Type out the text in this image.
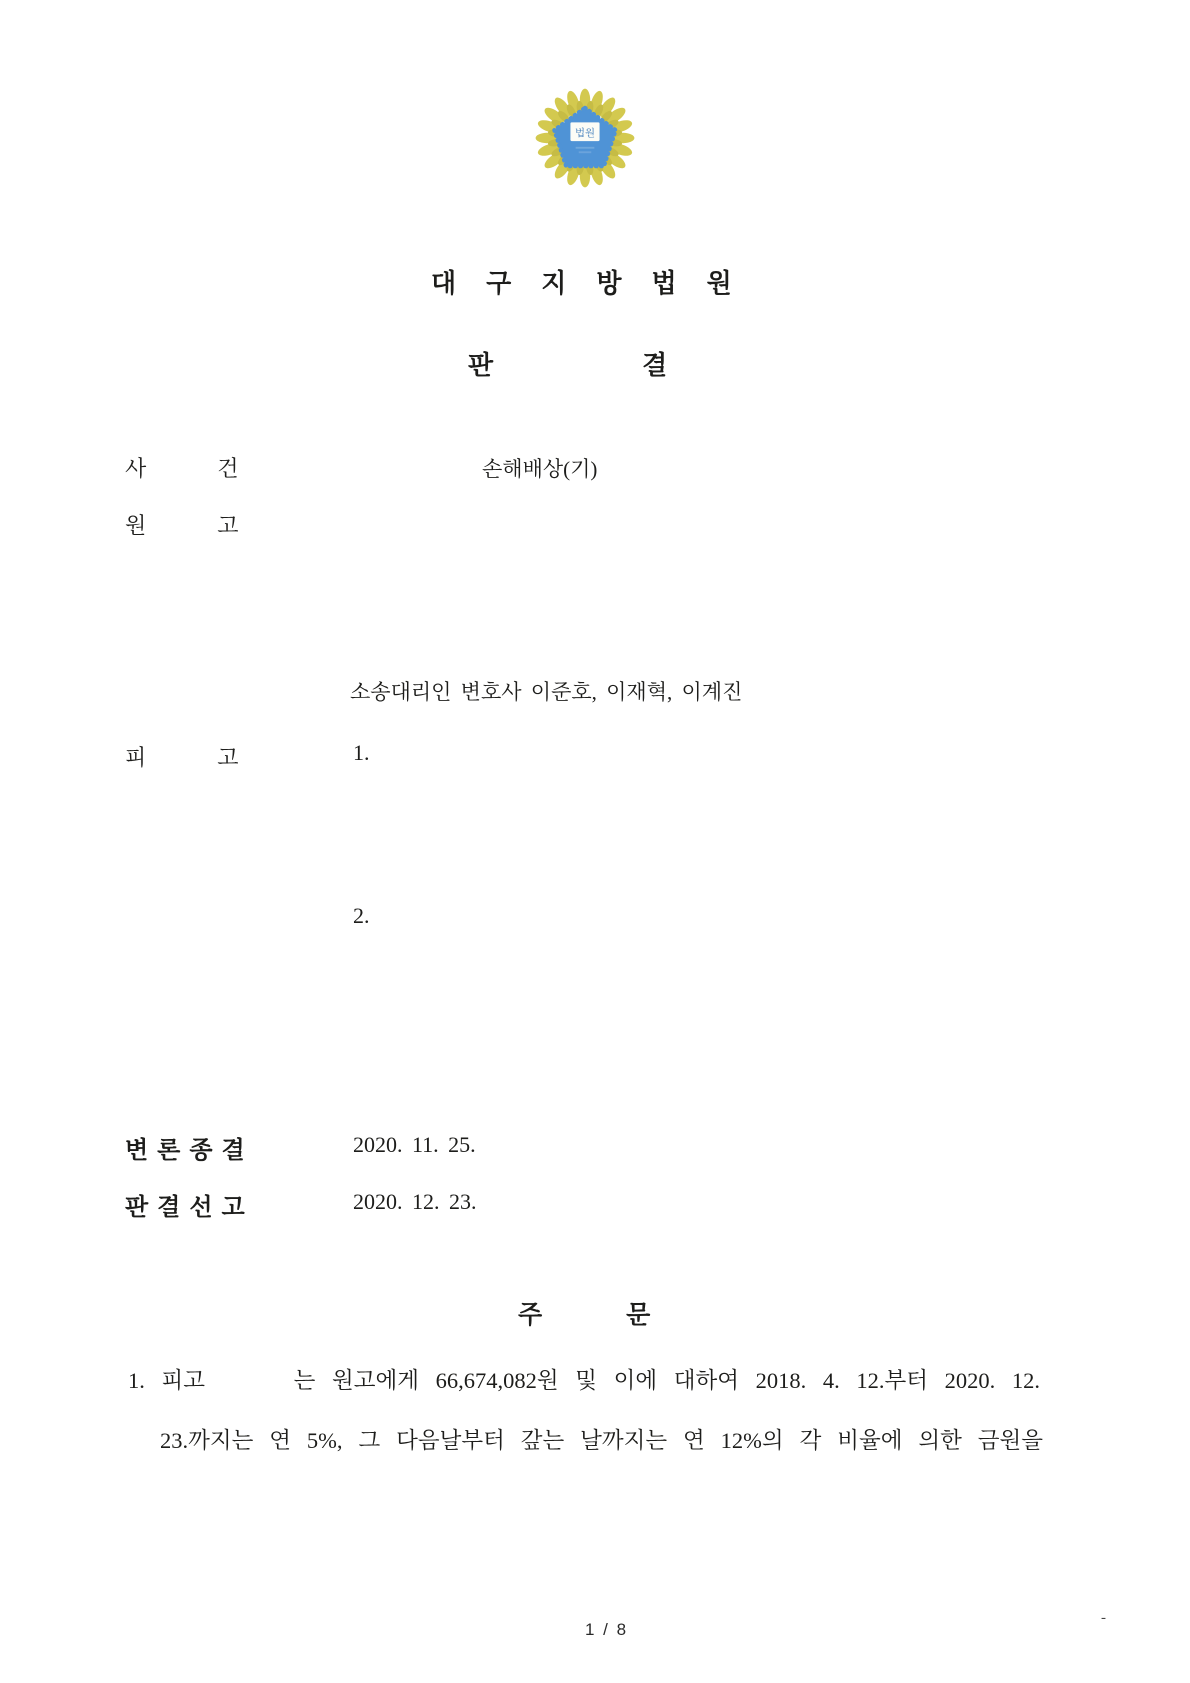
법원
대구지방법원
판결
사건	손해배상(기)
원고
소송대리인 변호사 이준호, 이재혁, 이계진
피고 1.
2.
변론종결	2020. 11. 25.
판결선고	2020. 12. 23.
주문
1. 피고	는 원고에게 66,674,082원 및 이에 대하여 2018. 4. 12.부터 2020. 12.
23.까지는 연 5%, 그 다음날부터 갚는 날까지는 연 12%의 각 비율에 의한 금원을
1 / 8
-
